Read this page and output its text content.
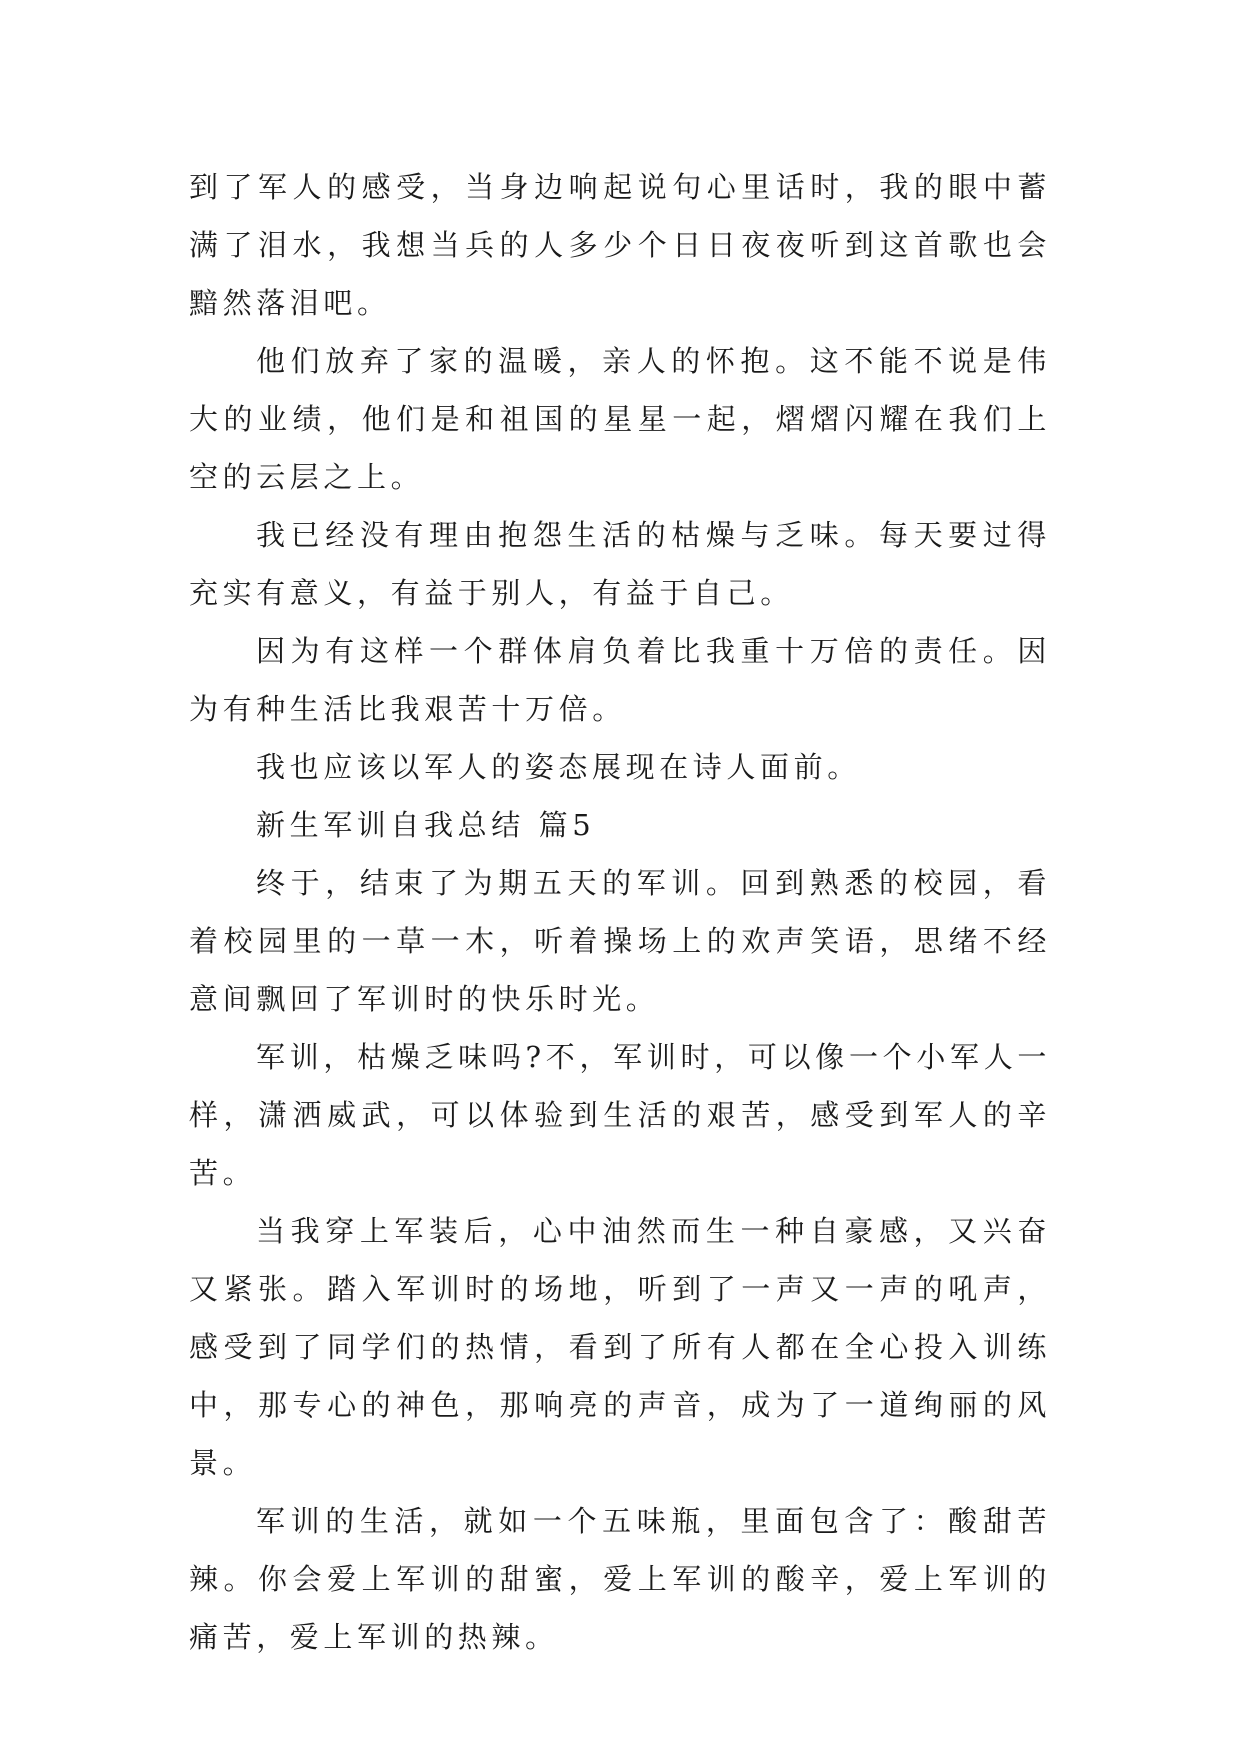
到了军人的感受，当身边响起说句心里话时，我的眼中蓄满了泪水，我想当兵的人多少个日日夜夜听到这首歌也会黯然落泪吧。

他们放弃了家的温暖，亲人的怀抱。这不能不说是伟大的业绩，他们是和祖国的星星一起，熠熠闪耀在我们上空的云层之上。

我已经没有理由抱怨生活的枯燥与乏味。每天要过得充实有意义，有益于别人，有益于自己。

因为有这样一个群体肩负着比我重十万倍的责任。因为有种生活比我艰苦十万倍。

我也应该以军人的姿态展现在诗人面前。

新生军训自我总结 篇5

终于，结束了为期五天的军训。回到熟悉的校园，看着校园里的一草一木，听着操场上的欢声笑语，思绪不经意间飘回了军训时的快乐时光。

军训，枯燥乏味吗?不，军训时，可以像一个小军人一样，潇洒威武，可以体验到生活的艰苦，感受到军人的辛苦。

当我穿上军装后，心中油然而生一种自豪感，又兴奋又紧张。踏入军训时的场地，听到了一声又一声的吼声，感受到了同学们的热情，看到了所有人都在全心投入训练中，那专心的神色，那响亮的声音，成为了一道绚丽的风景。

军训的生活，就如一个五味瓶，里面包含了：酸甜苦辣。你会爱上军训的甜蜜，爱上军训的酸辛，爱上军训的痛苦，爱上军训的热辣。
